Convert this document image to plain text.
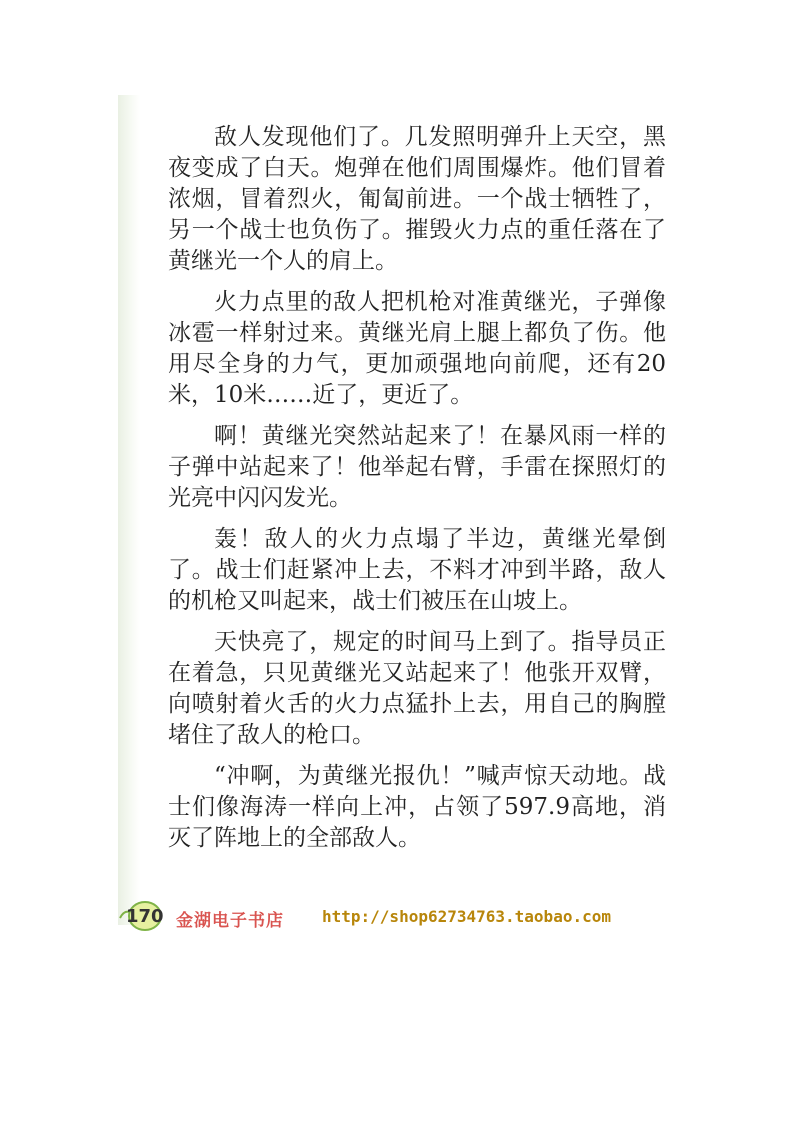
敌人发现他们了。几发照明弹升上天空，黑夜变成了白天。炮弹在他们周围爆炸。他们冒着浓烟，冒着烈火，匍匐前进。一个战士牺牲了，另一个战士也负伤了。摧毁火力点的重任落在了黄继光一个人的肩上。

火力点里的敌人把机枪对准黄继光，子弹像冰雹一样射过来。黄继光肩上腿上都负了伤。他用尽全身的力气，更加顽强地向前爬，还有20米，10米……近了，更近了。

啊！黄继光突然站起来了！在暴风雨一样的子弹中站起来了！他举起右臂，手雷在探照灯的光亮中闪闪发光。

轰！敌人的火力点塌了半边，黄继光晕倒了。战士们赶紧冲上去，不料才冲到半路，敌人的机枪又叫起来，战士们被压在山坡上。

天快亮了，规定的时间马上到了。指导员正在着急，只见黄继光又站起来了！他张开双臂，向喷射着火舌的火力点猛扑上去，用自己的胸膛堵住了敌人的枪口。

“冲啊，为黄继光报仇！”喊声惊天动地。战士们像海涛一样向上冲，占领了597.9高地，消灭了阵地上的全部敌人。

170 金湖电子书店 http://shop62734763.taobao.com
